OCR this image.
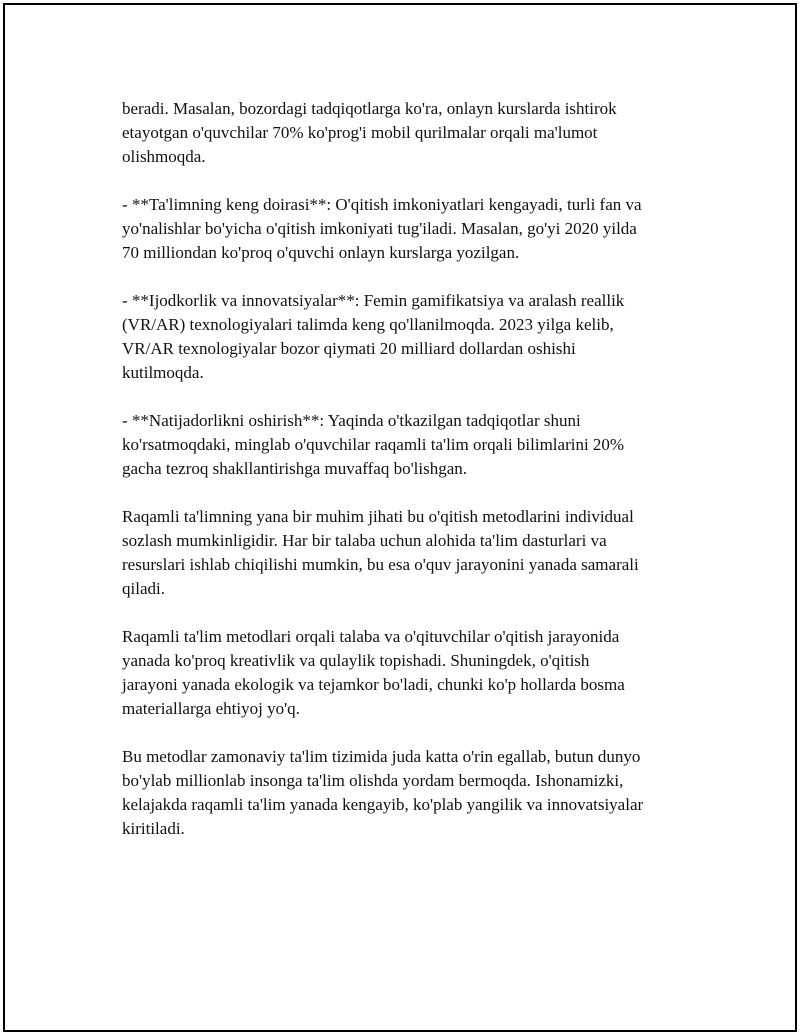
beradi. Masalan, bozordagi tadqiqotlarga ko'ra, onlayn kurslarda ishtirok
etayotgan o'quvchilar 70% ko'prog'i mobil qurilmalar orqali ma'lumot
olishmoqda.

- **Ta'limning keng doirasi**: O'qitish imkoniyatlari kengayadi, turli fan va
yo'nalishlar bo'yicha o'qitish imkoniyati tug'iladi. Masalan, go'yi 2020 yilda
70 milliondan ko'proq o'quvchi onlayn kurslarga yozilgan.

- **Ijodkorlik va innovatsiyalar**: Femin gamifikatsiya va aralash reallik
(VR/AR) texnologiyalari talimda keng qo'llanilmoqda. 2023 yilga kelib,
VR/AR texnologiyalar bozor qiymati 20 milliard dollardan oshishi
kutilmoqda.

- **Natijadorlikni oshirish**: Yaqinda o'tkazilgan tadqiqotlar shuni
ko'rsatmoqdaki, minglab o'quvchilar raqamli ta'lim orqali bilimlarini 20%
gacha tezroq shakllantirishga muvaffaq bo'lishgan.

Raqamli ta'limning yana bir muhim jihati bu o'qitish metodlarini individual
sozlash mumkinligidir. Har bir talaba uchun alohida ta'lim dasturlari va
resurslari ishlab chiqilishi mumkin, bu esa o'quv jarayonini yanada samarali
qiladi.

Raqamli ta'lim metodlari orqali talaba va o'qituvchilar o'qitish jarayonida
yanada ko'proq kreativlik va qulaylik topishadi. Shuningdek, o'qitish
jarayoni yanada ekologik va tejamkor bo'ladi, chunki ko'p hollarda bosma
materiallarga ehtiyoj yo'q.

Bu metodlar zamonaviy ta'lim tizimida juda katta o'rin egallab, butun dunyo
bo'ylab millionlab insonga ta'lim olishda yordam bermoqda. Ishonamizki,
kelajakda raqamli ta'lim yanada kengayib, ko'plab yangilik va innovatsiyalar
kiritiladi.
